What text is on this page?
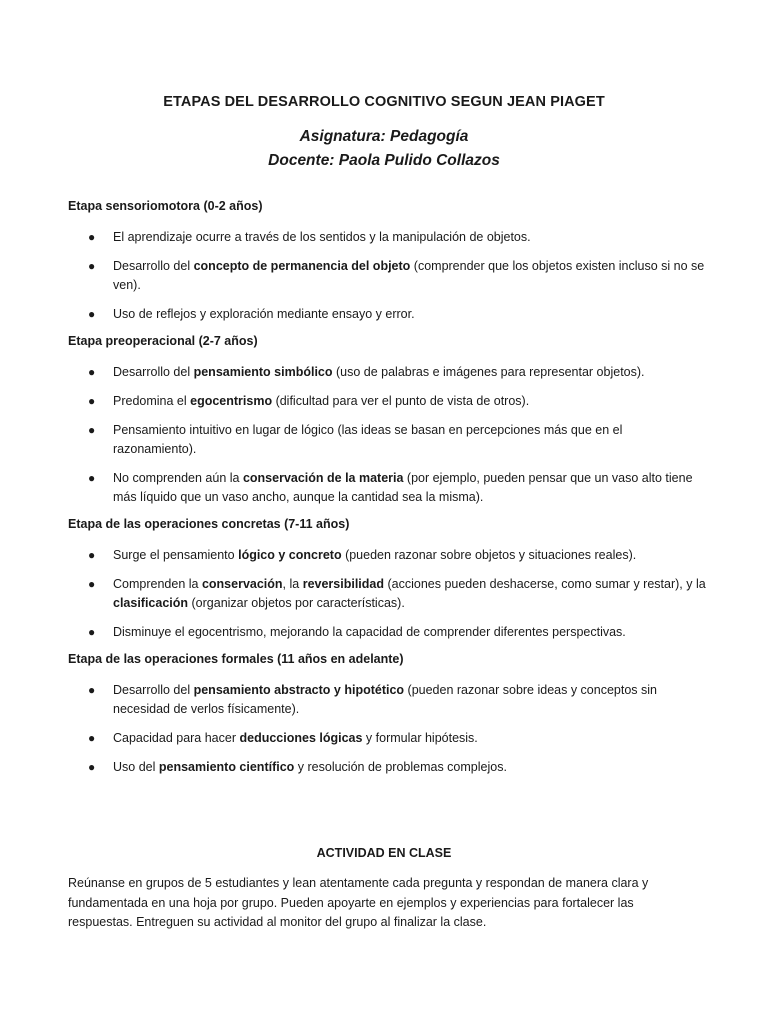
ETAPAS DEL DESARROLLO COGNITIVO SEGUN JEAN PIAGET
Asignatura: Pedagogía
Docente: Paola Pulido Collazos
Etapa sensoriomotora (0-2 años)
● El aprendizaje ocurre a través de los sentidos y la manipulación de objetos.
● Desarrollo del concepto de permanencia del objeto (comprender que los objetos existen incluso si no se
ven).
● Uso de reflejos y exploración mediante ensayo y error.
Etapa preoperacional (2-7 años)
● Desarrollo del pensamiento simbólico (uso de palabras e imágenes para representar objetos).
● Predomina el egocentrismo (dificultad para ver el punto de vista de otros).
● Pensamiento intuitivo en lugar de lógico (las ideas se basan en percepciones más que en el
razonamiento).
● No comprenden aún la conservación de la materia (por ejemplo, pueden pensar que un vaso alto tiene
más líquido que un vaso ancho, aunque la cantidad sea la misma).
Etapa de las operaciones concretas (7-11 años)
● Surge el pensamiento lógico y concreto (pueden razonar sobre objetos y situaciones reales).
● Comprenden la conservación, la reversibilidad (acciones pueden deshacerse, como sumar y restar), y la
clasificación (organizar objetos por características).
● Disminuye el egocentrismo, mejorando la capacidad de comprender diferentes perspectivas.
Etapa de las operaciones formales (11 años en adelante)
● Desarrollo del pensamiento abstracto y hipotético (pueden razonar sobre ideas y conceptos sin
necesidad de verlos físicamente).
● Capacidad para hacer deducciones lógicas y formular hipótesis.
● Uso del pensamiento científico y resolución de problemas complejos.
ACTIVIDAD EN CLASE
Reúnanse en grupos de 5 estudiantes y lean atentamente cada pregunta y respondan de manera clara y
fundamentada en una hoja por grupo. Pueden apoyarte en ejemplos y experiencias para fortalecer las
respuestas. Entreguen su actividad al monitor del grupo al finalizar la clase.
